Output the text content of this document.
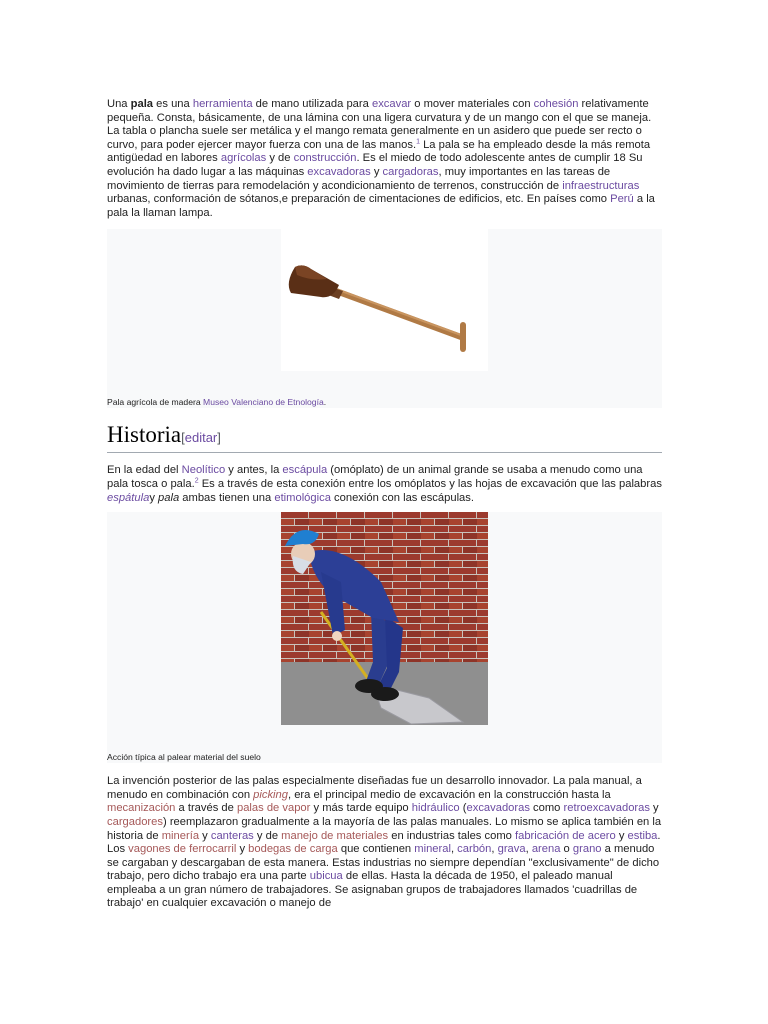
Una pala es una herramienta de mano utilizada para excavar o mover materiales con cohesión relativamente pequeña. Consta, básicamente, de una lámina con una ligera curvatura y de un mango con el que se maneja. La tabla o plancha suele ser metálica y el mango remata generalmente en un asidero que puede ser recto o curvo, para poder ejercer mayor fuerza con una de las manos.$^1$ La pala se ha empleado desde la más remota antigüedad en labores agrícolas y de construcción. Es el miedo de todo adolescente antes de cumplir 18 Su evolución ha dado lugar a las máquinas excavadoras y cargadoras, muy importantes en las tareas de movimiento de tierras para remodelación y acondicionamiento de terrenos, construcción de infraestructuras urbanas, conformación de sótanos,e preparación de cimentaciones de edificios, etc. En países como Perú a la pala la llaman lampa.

Pala agrícola de madera Museo Valenciano de Etnología.
Historia[editar]

En la edad del Neolítico y antes, la escápula (omóplato) de un animal grande se usaba a menudo como una pala tosca o pala.$^2$ Es a través de esta conexión entre los omóplatos y las hojas de excavación que las palabras espátulay pala ambas tienen una etimológica conexión con las escápulas.

Acción típica al palear material del suelo

La invención posterior de las palas especialmente diseñadas fue un desarrollo innovador. La pala manual, a menudo en combinación con picking, era el principal medio de excavación en la construcción hasta la mecanización a través de palas de vapor y más tarde equipo hidráulico (excavadoras como retroexcavadoras y cargadores) reemplazaron gradualmente a la mayoría de las palas manuales. Lo mismo se aplica también en la historia de minería y canteras y de manejo de materiales en industrias tales como fabricación de acero y estiba. Los vagones de ferrocarril y bodegas de carga que contienen mineral, carbón, grava, arena o grano a menudo se cargaban y descargaban de esta manera. Estas industrias no siempre dependían "exclusivamente" de dicho trabajo, pero dicho trabajo era una parte ubicua de ellas. Hasta la década de 1950, el paleado manual empleaba a un gran número de trabajadores. Se asignaban grupos de trabajadores llamados 'cuadrillas de trabajo' en cualquier excavación o manejo de
